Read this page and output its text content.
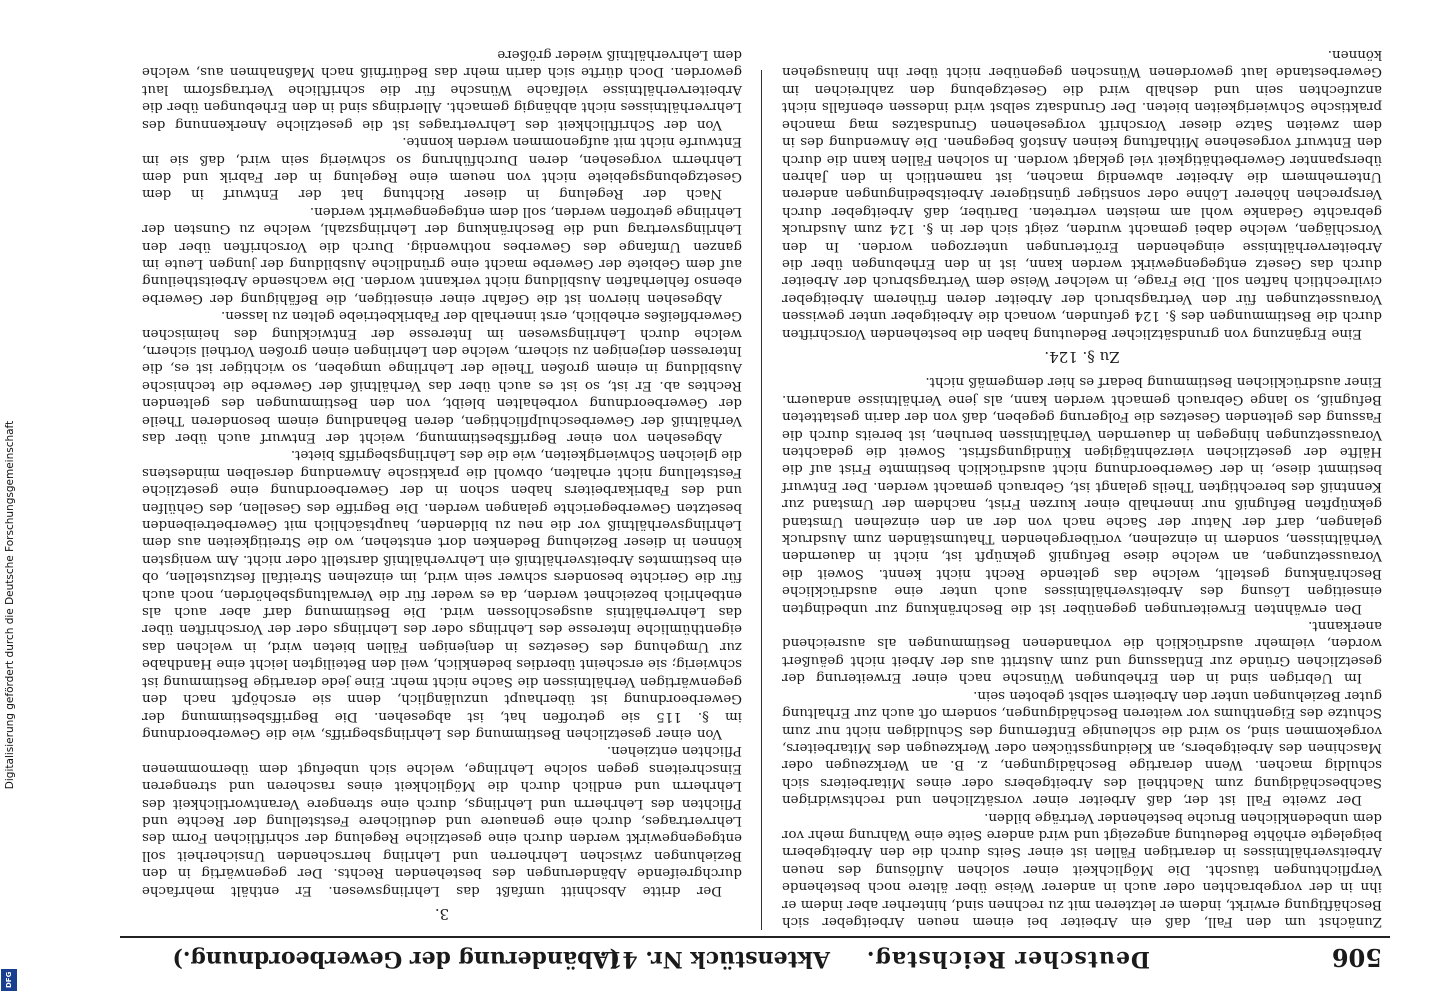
Digitalisierung gefördert durch die Deutsche Forschungsgemeinschaft
DFG
506
Deutscher Reichstag.
Aktenstück Nr. 41.
(Abänderung der Gewerbeordnung.)

Zunächst um den Fall, daß ein Arbeiter bei einem neuen Arbeitgeber sich Beschäftigung erwirkt, indem er letzteren mit zu rechnen sind, hinterher aber indem er ihn in der vorgebrachten oder auch in anderer Weise über ältere noch bestehende Verpflichtungen täuscht. Die Möglichkeit einer solchen Auflösung des neuen Arbeitsverhältnisses in derartigen Fällen ist einer Seits durch die den Arbeitgebern beigelegte erhöhte Bedeutung angezeigt und wird andere Seite eine Wahrung mehr vor dem unbedenklichen Bruche bestehender Verträge bilden.

Der zweite Fall ist der, daß Arbeiter einer vorsätzlichen und rechtswidrigen Sachbeschädigung zum Nachtheil des Arbeitgebers oder eines Mitarbeiters sich schuldig machen. Wenn derartige Beschädigungen, z. B. an Werkzeugen oder Maschinen des Arbeitgebers, an Kleidungsstücken oder Werkzeugen des Mitarbeiters, vorgekommen sind, so wird die schleunige Entfernung des Schuldigen nicht nur zum Schutze des Eigenthums vor weiteren Beschädigungen, sondern oft auch zur Erhaltung guter Beziehungen unter den Arbeitern selbst geboten sein.

Im Uebrigen sind in den Erhebungen Wünsche nach einer Erweiterung der gesetzlichen Gründe zur Entlassung und zum Austritt aus der Arbeit nicht geäußert worden, vielmehr ausdrücklich die vorhandenen Bestimmungen als ausreichend anerkannt.

Den erwähnten Erweiterungen gegenüber ist die Beschränkung zur unbedingten einseitigen Lösung des Arbeitsverhältnisses auch unter eine ausdrückliche Beschränkung gestellt, welche das geltende Recht nicht kennt. Soweit die Voraussetzungen, an welche diese Befugniß geknüpft ist, nicht in dauernden Verhältnissen, sondern in einzelnen, vorübergehenden Thatumständen zum Ausdruck gelangen, darf der Natur der Sache nach von der an den einzelnen Umstand geknüpften Befugniß nur innerhalb einer kurzen Frist, nachdem der Umstand zur Kenntniß des berechtigten Theils gelangt ist, Gebrauch gemacht werden. Der Entwurf bestimmt diese, in der Gewerbeordnung nicht ausdrücklich bestimmte Frist auf die Hälfte der gesetzlichen vierzehntägigen Kündigungsfrist. Soweit die gedachten Voraussetzungen hingegen in dauernden Verhältnissen beruhen, ist bereits durch die Fassung des geltenden Gesetzes die Folgerung gegeben, daß von der darin gestatteten Befugniß, so lange Gebrauch gemacht werden kann, als jene Verhältnisse andauern. Einer ausdrücklichen Bestimmung bedarf es hier demgemäß nicht.

Zu §. 124.

Eine Ergänzung von grundsätzlicher Bedeutung haben die bestehenden Vorschriften durch die Bestimmungen des §. 124 gefunden, wonach die Arbeitgeber unter gewissen Voraussetzungen für den Vertragsbruch der Arbeiter deren früherem Arbeitgeber civilrechtlich haften soll. Die Frage, in welcher Weise dem Vertragsbruch der Arbeiter durch das Gesetz entgegengewirkt werden kann, ist in den Erhebungen über die Arbeiterverhältnisse eingehenden Erörterungen unterzogen worden. In den Vorschlägen, welche dabei gemacht wurden, zeigt sich der in §. 124 zum Ausdruck gebrachte Gedanke wohl am meisten vertreten. Darüber, daß Arbeitgeber durch Versprechen höherer Löhne oder sonstiger günstigerer Arbeitsbedingungen anderen Unternehmern die Arbeiter abwendig machen, ist namentlich in den Jahren überspannter Gewerbethätigkeit viel geklagt worden. In solchen Fällen kann die durch den Entwurf vorgesehene Mithaftung keinen Anstoß begegnen. Die Anwendung des in dem zweiten Satze dieser Vorschrift vorgesehenen Grundsatzes mag manche praktische Schwierigkeiten bieten. Der Grundsatz selbst wird indessen ebenfalls nicht anzufechten sein und deshalb wird die Gesetzgebung den zahlreichen im Gewerbestande laut gewordenen Wünschen gegenüber nicht über ihn hinausgehen können.

3.

Der dritte Abschnitt umfaßt das Lehrlingswesen. Er enthält mehrfache durchgreifende Abänderungen des bestehenden Rechts. Der gegenwärtig in den Beziehungen zwischen Lehrherren und Lehrling herrschenden Unsicherheit soll entgegengewirkt werden durch eine gesetzliche Regelung der schriftlichen Form des Lehrvertrages, durch eine genauere und deutlichere Feststellung der Rechte und Pflichten des Lehrherrn und Lehrlings, durch eine strengere Verantwortlichkeit des Lehrherrn und endlich durch die Möglichkeit eines rascheren und strengeren Einschreitens gegen solche Lehrlinge, welche sich unbefugt dem übernommenen Pflichten entziehen.

Von einer gesetzlichen Bestimmung des Lehrlingsbegriffs, wie die Gewerbeordnung im §. 115 sie getroffen hat, ist abgesehen. Die Begriffsbestimmung der Gewerbeordnung ist überhaupt unzulänglich, denn sie erschöpft nach den gegenwärtigen Verhältnissen die Sache nicht mehr. Eine jede derartige Bestimmung ist schwierig; sie erscheint überdies bedenklich, weil den Beteiligten leicht eine Handhabe zur Umgehung des Gesetzes in denjenigen Fällen bieten wird, in welchen das eigenthümliche Interesse des Lehrlings oder des Lehrlings oder der Vorschriften über das Lehrverhältnis ausgeschlossen wird. Die Bestimmung darf aber auch als entbehrlich bezeichnet werden, da es weder für die Verwaltungsbehörden, noch auch für die Gerichte besonders schwer sein wird, im einzelnen Streitfall festzustellen, ob ein bestimmtes Arbeitsverhältniß ein Lehrverhältniß darstellt oder nicht. Am wenigsten können in dieser Beziehung Bedenken dort entstehen, wo die Streitigkeiten aus dem Lehrlingsverhältniß vor die neu zu bildenden, hauptsächlich mit Gewerbetreibenden besetzten Gewerbegerichte gelangen werden. Die Begriffe des Gesellen, des Gehülfen und des Fabrikarbeiters haben schon in der Gewerbeordnung eine gesetzliche Feststellung nicht erhalten, obwohl die praktische Anwendung derselben mindestens die gleichen Schwierigkeiten, wie die des Lehrlingsbegriffs bietet.

Abgesehen von einer Begriffsbestimmung, weicht der Entwurf auch über das Verhältniß der Gewerbeschulpflichtigen, deren Behandlung einem besonderen Theile der Gewerbeordnung vorbehalten bleibt, von den Bestimmungen des geltenden Rechtes ab. Er ist, so ist es auch über das Verhältniß der Gewerbe die technische Ausbildung in einem großen Theile der Lehrlinge umgeben, so wichtiger ist es, die Interessen derjenigen zu sichern, welche den Lehrlingen einen großen Vortheil sichern, welche durch Lehrlingswesen im Interesse der Entwicklung des heimischen Gewerbfleißes erheblich, erst innerhalb der Fabrikbetriebe gelten zu lassen.

Abgesehen hiervon ist die Gefahr einer einseitigen, die Befähigung der Gewerbe ebenso fehlerhaften Ausbildung nicht verkannt worden. Die wachsende Arbeitstheilung auf dem Gebiete der Gewerbe macht eine gründliche Ausbildung der jungen Leute im ganzen Umfange des Gewerbes nothwendig. Durch die Vorschriften über den Lehrlingsvertrag und die Beschränkung der Lehrlingszahl, welche zu Gunsten der Lehrlinge getroffen werden, soll dem entgegengewirkt werden.

Nach der Regelung in dieser Richtung hat der Entwurf in dem Gesetzgebungsgebiete nicht von neuem eine Regelung in der Fabrik und dem Lehrherrn vorgesehen, deren Durchführung so schwierig sein wird, daß sie im Entwurfe nicht mit aufgenommen werden konnte.

Von der Schriftlichkeit des Lehrvertrages ist die gesetzliche Anerkennung des Lehrverhältnisses nicht abhängig gemacht. Allerdings sind in den Erhebungen über die Arbeiterverhältnisse vielfache Wünsche für die schriftliche Vertragsform laut geworden. Doch dürfte sich darin mehr das Bedürfniß nach Maßnahmen aus, welche dem Lehrverhältniß wieder größere
